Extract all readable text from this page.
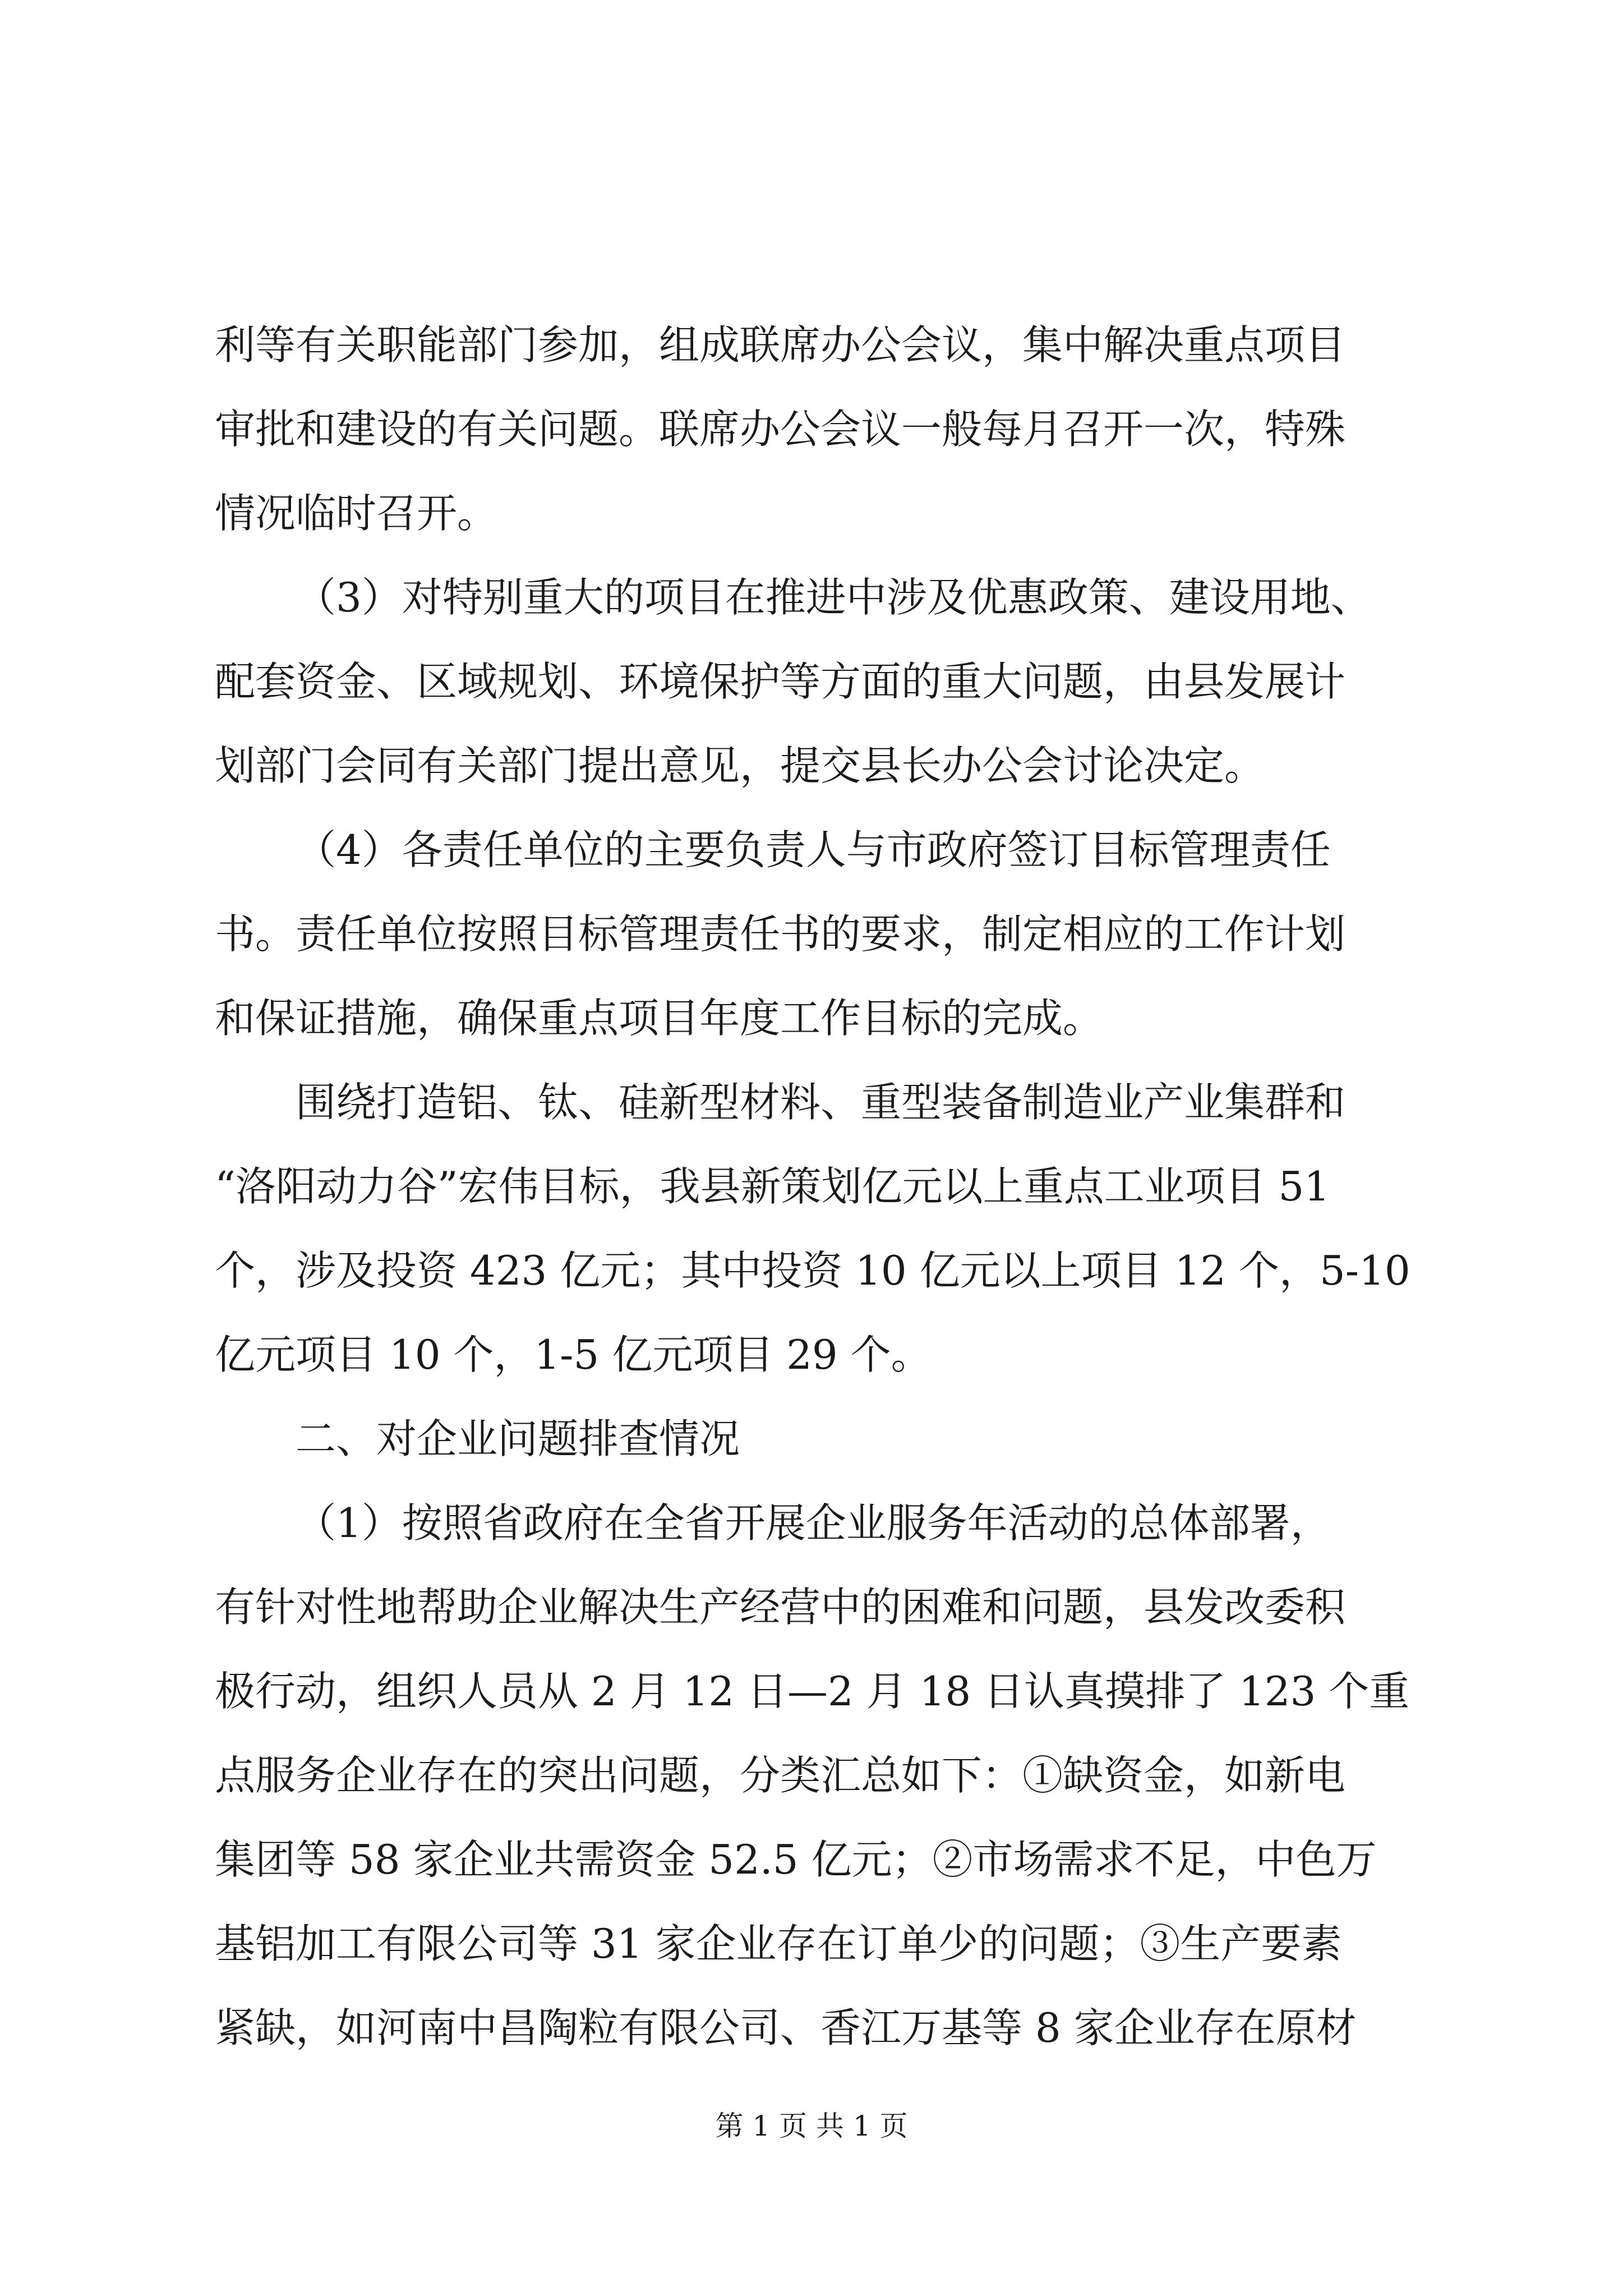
利等有关职能部门参加，组成联席办公会议，集中解决重点项目
审批和建设的有关问题。联席办公会议一般每月召开一次，特殊
情况临时召开。

（3）对特别重大的项目在推进中涉及优惠政策、建设用地、
配套资金、区域规划、环境保护等方面的重大问题，由县发展计
划部门会同有关部门提出意见，提交县长办公会讨论决定。

（4）各责任单位的主要负责人与市政府签订目标管理责任
书。责任单位按照目标管理责任书的要求，制定相应的工作计划
和保证措施，确保重点项目年度工作目标的完成。

围绕打造铝、钛、硅新型材料、重型装备制造业产业集群和
“洛阳动力谷”宏伟目标，我县新策划亿元以上重点工业项目 51
个，涉及投资 423 亿元；其中投资 10 亿元以上项目 12 个，5-10
亿元项目 10 个，1-5 亿元项目 29 个。

二、对企业问题排查情况

（1）按照省政府在全省开展企业服务年活动的总体部署，
有针对性地帮助企业解决生产经营中的困难和问题，县发改委积
极行动，组织人员从 2 月 12 日—2 月 18 日认真摸排了 123 个重
点服务企业存在的突出问题，分类汇总如下：①缺资金，如新电
集团等 58 家企业共需资金 52.5 亿元；②市场需求不足，中色万
基铝加工有限公司等 31 家企业存在订单少的问题；③生产要素
紧缺，如河南中昌陶粒有限公司、香江万基等 8 家企业存在原材

第 1 页 共 1 页
